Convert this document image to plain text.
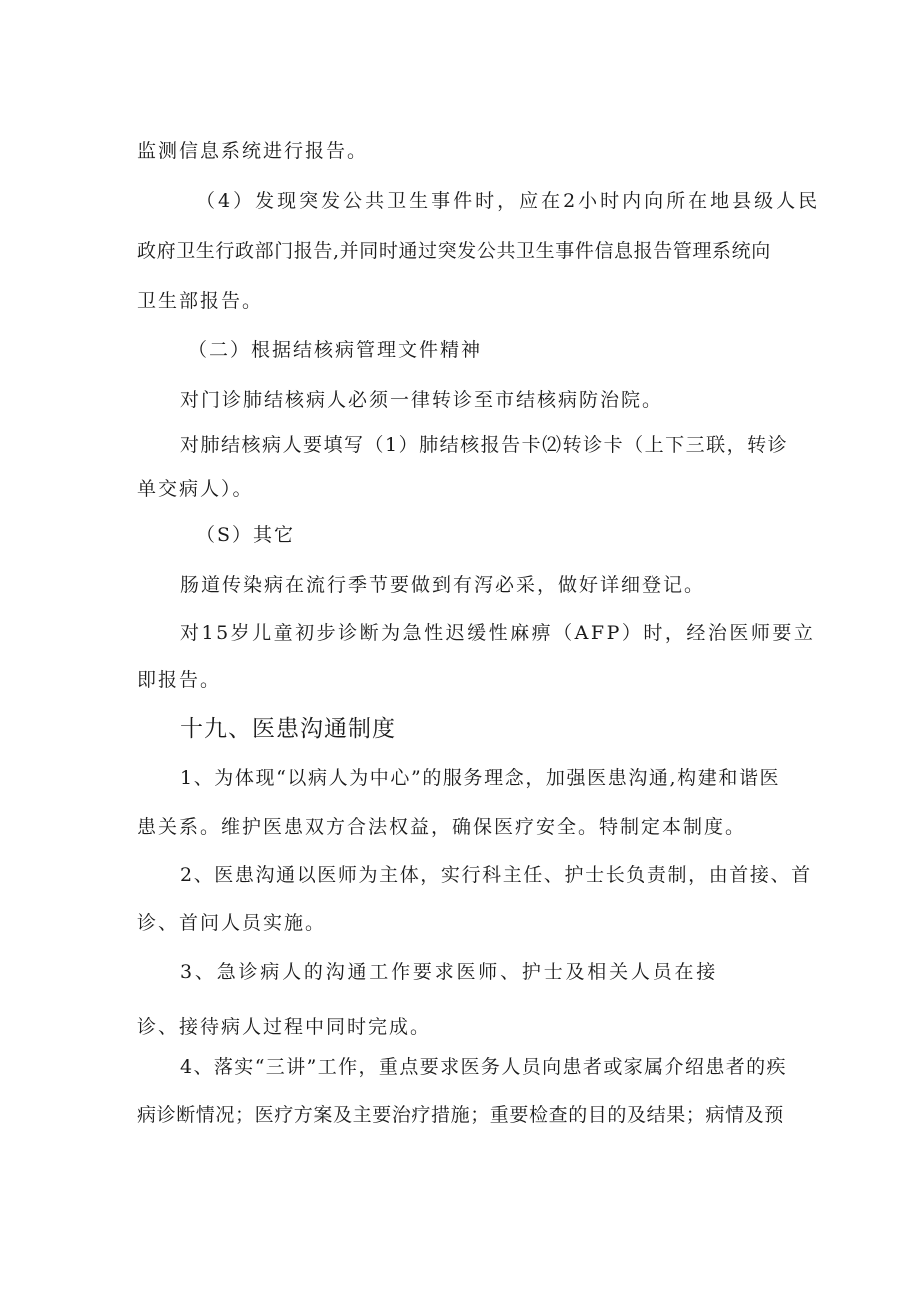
监测信息系统进行报告。

（4）发现突发公共卫生事件时，应在2小时内向所在地县级人民

政府卫生行政部门报告,并同时通过突发公共卫生事件信息报告管理系统向

卫生部报告。

（二）根据结核病管理文件精神

对门诊肺结核病人必须一律转诊至市结核病防治院。

对肺结核病人要填写（1）肺结核报告卡⑵转诊卡（上下三联，转诊

单交病人）。

（S）其它

肠道传染病在流行季节要做到有泻必采，做好详细登记。

对15岁儿童初步诊断为急性迟缓性麻痹（AFP）时，经治医师要立

即报告。

十九、医患沟通制度

1、为体现“以病人为中心”的服务理念，加强医患沟通,构建和谐医

患关系。维护医患双方合法权益，确保医疗安全。特制定本制度。

2、医患沟通以医师为主体，实行科主任、护士长负责制，由首接、首

诊、首问人员实施。

3、急诊病人的沟通工作要求医师、护士及相关人员在接

诊、接待病人过程中同时完成。

4、落实“三讲”工作，重点要求医务人员向患者或家属介绍患者的疾

病诊断情况；医疗方案及主要治疗措施；重要检查的目的及结果；病情及预
